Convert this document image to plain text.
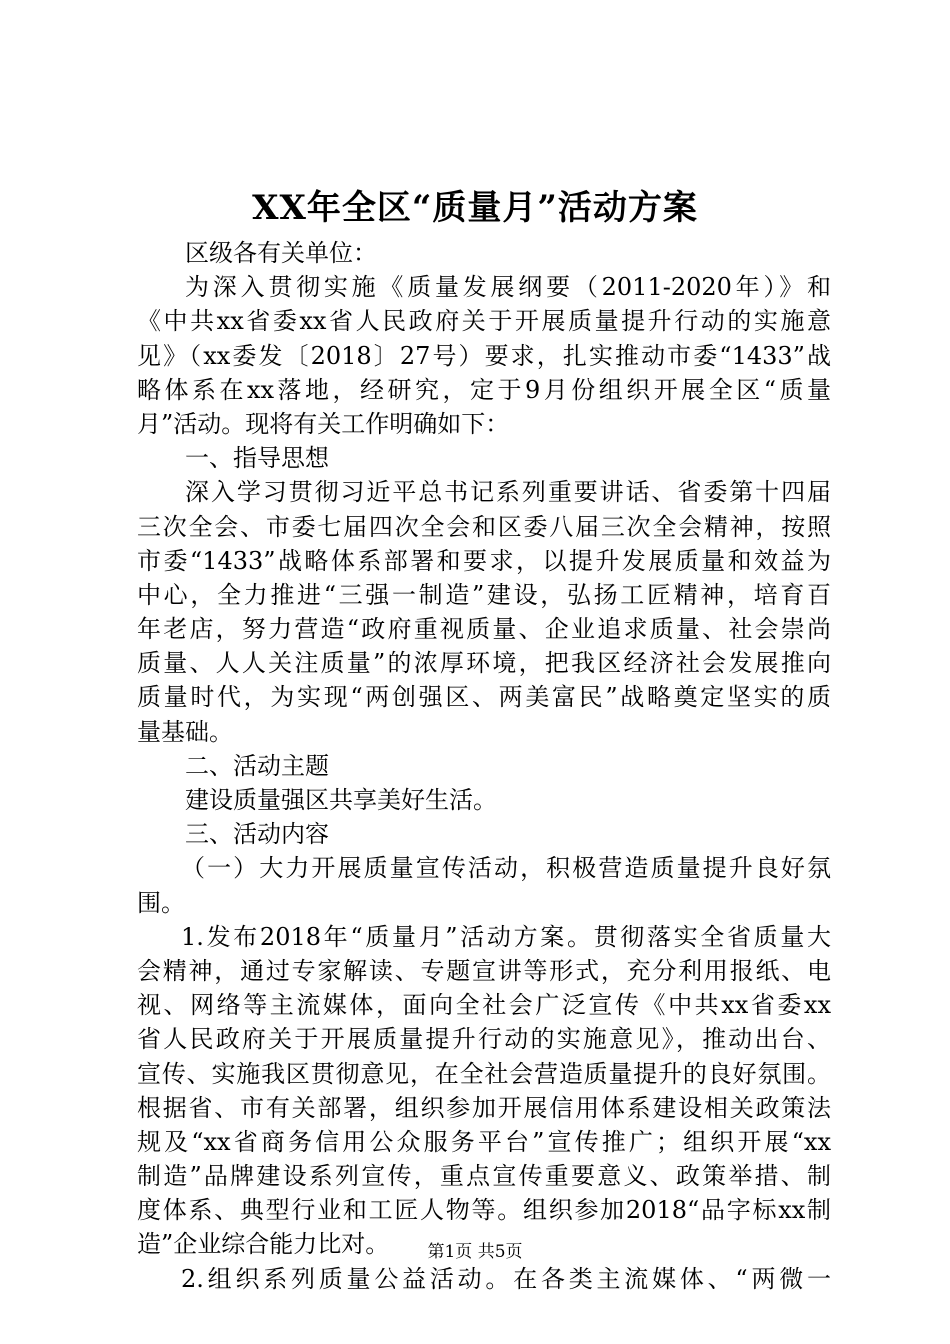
XX年全区“质量月”活动方案

区级各有关单位：

为深入贯彻实施《质量发展纲要（2011-2020年）》和

《中共xx省委xx省人民政府关于开展质量提升行动的实施意

见》（xx委发〔2018〕27号）要求，扎实推动市委“1433”战

略体系在xx落地，经研究，定于9月份组织开展全区“质量

月”活动。现将有关工作明确如下：

一、指导思想

深入学习贯彻习近平总书记系列重要讲话、省委第十四届

三次全会、市委七届四次全会和区委八届三次全会精神，按照

市委“1433”战略体系部署和要求，以提升发展质量和效益为

中心，全力推进“三强一制造”建设，弘扬工匠精神，培育百

年老店，努力营造“政府重视质量、企业追求质量、社会崇尚

质量、人人关注质量”的浓厚环境，把我区经济社会发展推向

质量时代，为实现“两创强区、两美富民”战略奠定坚实的质

量基础。

二、活动主题

建设质量强区共享美好生活。

三、活动内容

（一）大力开展质量宣传活动，积极营造质量提升良好氛

围。

1.发布2018年“质量月”活动方案。贯彻落实全省质量大

会精神，通过专家解读、专题宣讲等形式，充分利用报纸、电

视、网络等主流媒体，面向全社会广泛宣传《中共xx省委xx

省人民政府关于开展质量提升行动的实施意见》，推动出台、

宣传、实施我区贯彻意见，在全社会营造质量提升的良好氛围。

根据省、市有关部署，组织参加开展信用体系建设相关政策法

规及“xx省商务信用公众服务平台”宣传推广；组织开展“xx

制造”品牌建设系列宣传，重点宣传重要意义、政策举措、制

度体系、典型行业和工匠人物等。组织参加2018“品字标xx制

造”企业综合能力比对。

2.组织系列质量公益活动。在各类主流媒体、“两微一

第1页 共5页
